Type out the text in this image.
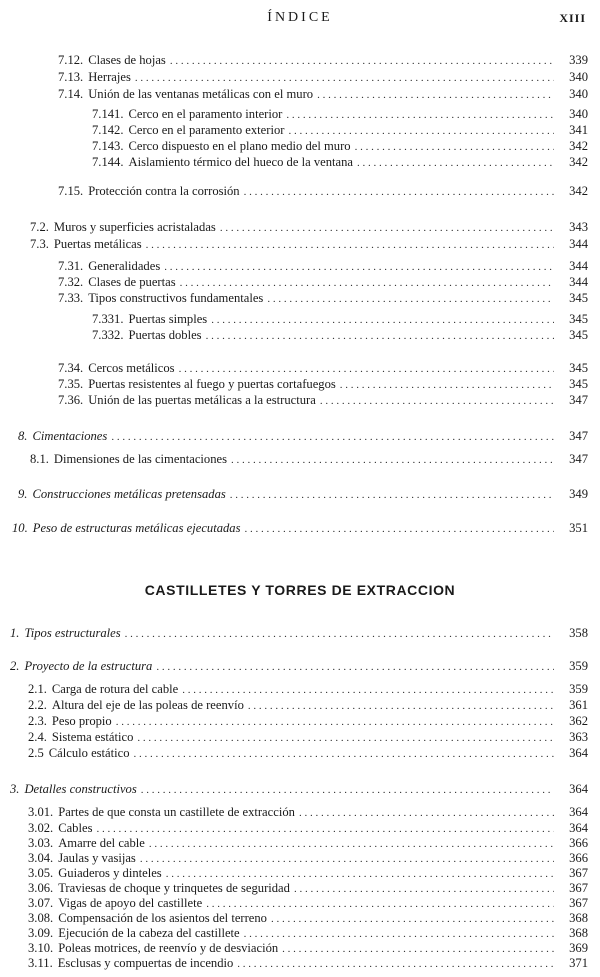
ÍNDICE	XIII
7.12. Clases de hojas . . .	339
7.13. Herrajes . . .	340
7.14. Unión de las ventanas metálicas con el muro . . .	340
7.141. Cerco en el paramento interior . . .	340
7.142. Cerco en el paramento exterior . . .	341
7.143. Cerco dispuesto en el plano medio del muro . . .	342
7.144. Aislamiento térmico del hueco de la ventana . . .	342
7.15. Protección contra la corrosión . . .	342
7.2. Muros y superficies acristaladas . . .	343
7.3. Puertas metálicas . . .	344
7.31. Generalidades . . .	344
7.32. Clases de puertas . . .	344
7.33. Tipos constructivos fundamentales . . .	345
7.331. Puertas simples . . .	345
7.332. Puertas dobles . . .	345
7.34. Cercos metálicos . . .	345
7.35. Puertas resistentes al fuego y puertas cortafuegos . . .	345
7.36. Unión de las puertas metálicas a la estructura . . .	347
8. Cimentaciones . . .	347
8.1. Dimensiones de las cimentaciones . . .	347
9. Construcciones metálicas pretensadas . . .	349
10. Peso de estructuras metálicas ejecutadas . . .	351
1. Tipos estructurales . . .	358
2. Proyecto de la estructura . . .	359
2.1. Carga de rotura del cable . . .	359
2.2. Altura del eje de las poleas de reenvío . . .	361
2.3. Peso propio . . .	362
2.4. Sistema estático . . .	363
2.5 Cálculo estático . . .	364
3. Detalles constructivos . . .	364
3.01. Partes de que consta un castillete de extracción . . .	364
3.02. Cables . . .	364
3.03. Amarre del cable . . .	366
3.04. Jaulas y vasijas . . .	366
3.05. Guiaderos y dinteles . . .	367
3.06. Traviesas de choque y trinquetes de seguridad . . .	367
3.07. Vigas de apoyo del castillete . . .	367
3.08. Compensación de los asientos del terreno . . .	368
3.09. Ejecución de la cabeza del castillete . . .	368
3.10. Poleas motrices, de reenvío y de desviación . . .	369
3.11. Esclusas y compuertas de incendio . . .	371
CASTILLETES Y TORRES DE EXTRACCION
